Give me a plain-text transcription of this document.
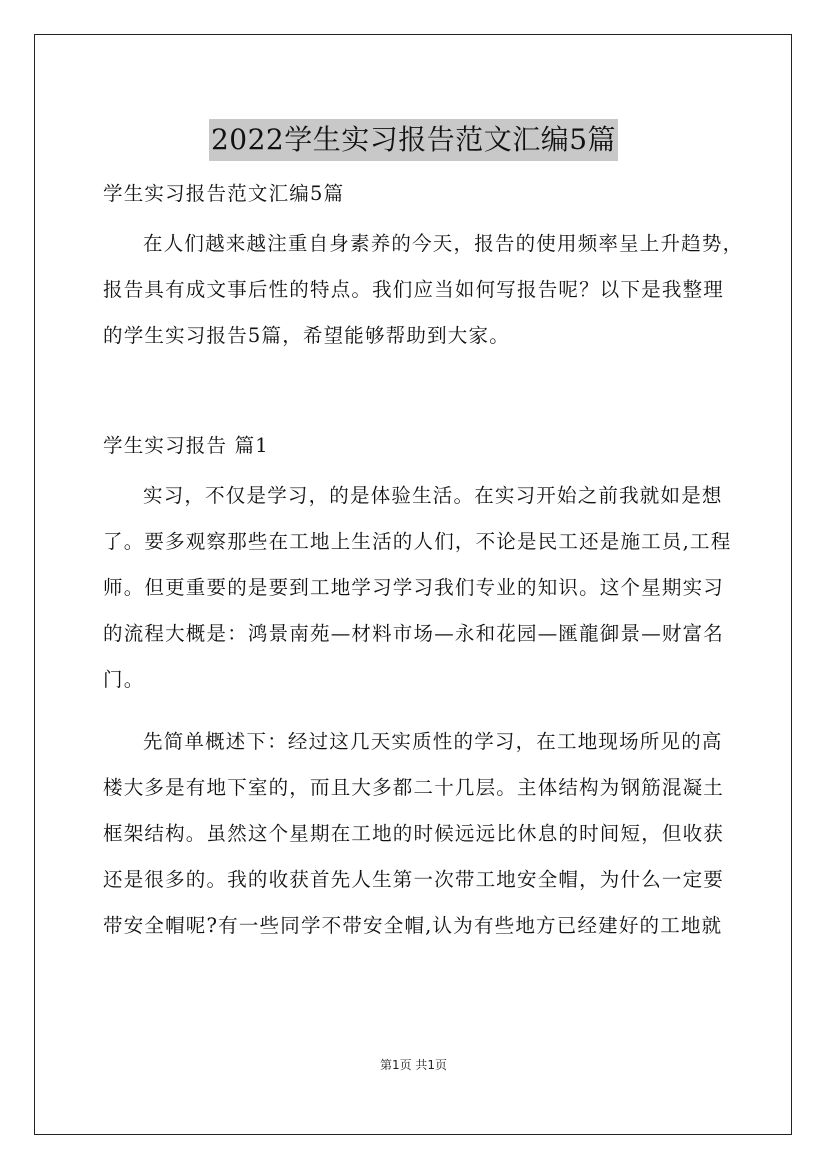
2022学生实习报告范文汇编5篇
学生实习报告范文汇编5篇
在人们越来越注重自身素养的今天，报告的使用频率呈上升趋势，
报告具有成文事后性的特点。我们应当如何写报告呢？以下是我整理
的学生实习报告5篇，希望能够帮助到大家。
学生实习报告 篇1
实习，不仅是学习，的是体验生活。在实习开始之前我就如是想
了。要多观察那些在工地上生活的人们，不论是民工还是施工员,工程
师。但更重要的是要到工地学习学习我们专业的知识。这个星期实习
的流程大概是：鸿景南苑—材料市场—永和花园—匯龍御景—财富名
门。
先简单概述下：经过这几天实质性的学习，在工地现场所见的高
楼大多是有地下室的，而且大多都二十几层。主体结构为钢筋混凝土
框架结构。虽然这个星期在工地的时候远远比休息的时间短，但收获
还是很多的。我的收获首先人生第一次带工地安全帽，为什么一定要
带安全帽呢?有一些同学不带安全帽,认为有些地方已经建好的工地就
第1页 共1页
